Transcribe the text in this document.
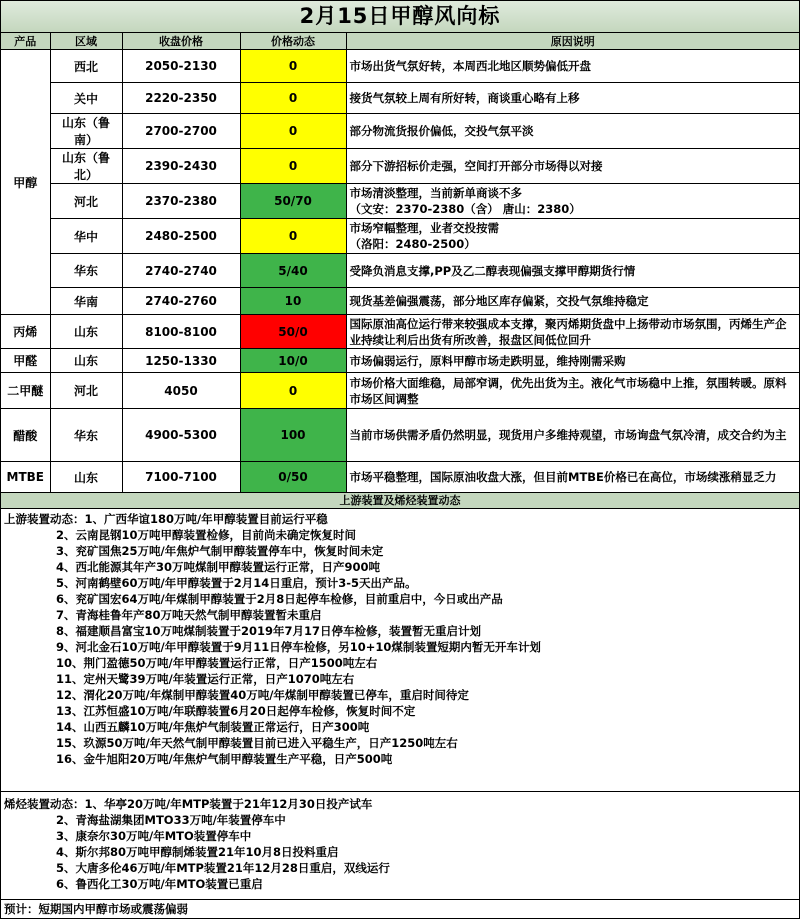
2月15日甲醇风向标
产品	区域	收盘价格	价格动态	原因说明
甲醇	西北	2050-2130	0	市场出货气氛好转，本周西北地区顺势偏低开盘
	关中	2220-2350	0	接货气氛较上周有所好转，商谈重心略有上移
	山东（鲁南）	2700-2700	0	部分物流货报价偏低，交投气氛平淡
	山东（鲁北）	2390-2430	0	部分下游招标价走强，空间打开部分市场得以对接
	河北	2370-2380	50/70	市场清淡整理，当前新单商谈不多
（文安：2370-2380（含） 唐山：2380）
	华中	2480-2500	0	市场窄幅整理，业者交投按需
（洛阳：2480-2500）
	华东	2740-2740	5/40	受降负消息支撑,PP及乙二醇表现偏强支撑甲醇期货行情
	华南	2740-2760	10	现货基差偏强震荡，部分地区库存偏紧，交投气氛维持稳定
丙烯	山东	8100-8100	50/0	国际原油高位运行带来较强成本支撑，聚丙烯期货盘中上扬带动市场氛围，丙烯生产企业持续让利后出货有所改善，报盘区间低位回升
甲醛	山东	1250-1330	10/0	市场偏弱运行，原料甲醇市场走跌明显，维持刚需采购
二甲醚	河北	4050	0	市场价格大面维稳，局部窄调，优先出货为主。液化气市场稳中上推，氛围转暖。原料市场区间调整
醋酸	华东	4900-5300	100	当前市场供需矛盾仍然明显，现货用户多维持观望，市场询盘气氛冷清，成交合约为主
MTBE	山东	7100-7100	0/50	市场平稳整理，国际原油收盘大涨，但目前MTBE价格已在高位，市场续涨稍显乏力
上游装置及烯烃装置动态
上游装置动态：1、广西华谊180万吨/年甲醇装置目前运行平稳
2、云南昆钢10万吨甲醇装置检修，目前尚未确定恢复时间
3、兖矿国焦25万吨/年焦炉气制甲醇装置停车中，恢复时间未定
4、西北能源其年产30万吨煤制甲醇装置运行正常，日产900吨
5、河南鹤壁60万吨/年甲醇装置于2月14日重启，预计3-5天出产品。
6、兖矿国宏64万吨/年煤制甲醇装置于2月8日起停车检修，目前重启中，今日或出产品
7、青海桂鲁年产80万吨天然气制甲醇装置暂未重启
8、福建顺昌富宝10万吨煤制装置于2019年7月17日停车检修，装置暂无重启计划
9、河北金石10万吨/年甲醇装置于9月11日停车检修，另10+10煤制装置短期内暂无开车计划
10、荆门盈德50万吨/年甲醇装置运行正常，日产1500吨左右
11、定州天鹭39万吨/年装置运行正常，日产1070吨左右
12、渭化20万吨/年煤制甲醇装置40万吨/年煤制甲醇装置已停车，重启时间待定
13、江苏恒盛10万吨/年联醇装置6月20日起停车检修，恢复时间不定
14、山西五麟10万吨/年焦炉气制装置正常运行，日产300吨
15、玖源50万吨/年天然气制甲醇装置目前已进入平稳生产，日产1250吨左右
16、金牛旭阳20万吨/年焦炉气制甲醇装置生产平稳，日产500吨
烯烃装置动态：1、华亭20万吨/年MTP装置于21年12月30日投产试车
2、青海盐湖集团MTO33万吨/年装置停车中
3、康奈尔30万吨/年MTO装置停车中
4、斯尔邦80万吨甲醇制烯装置21年10月8日投料重启
5、大唐多伦46万吨/年MTP装置21年12月28日重启，双线运行
6、鲁西化工30万吨/年MTO装置已重启
预计：短期国内甲醇市场或震荡偏弱
